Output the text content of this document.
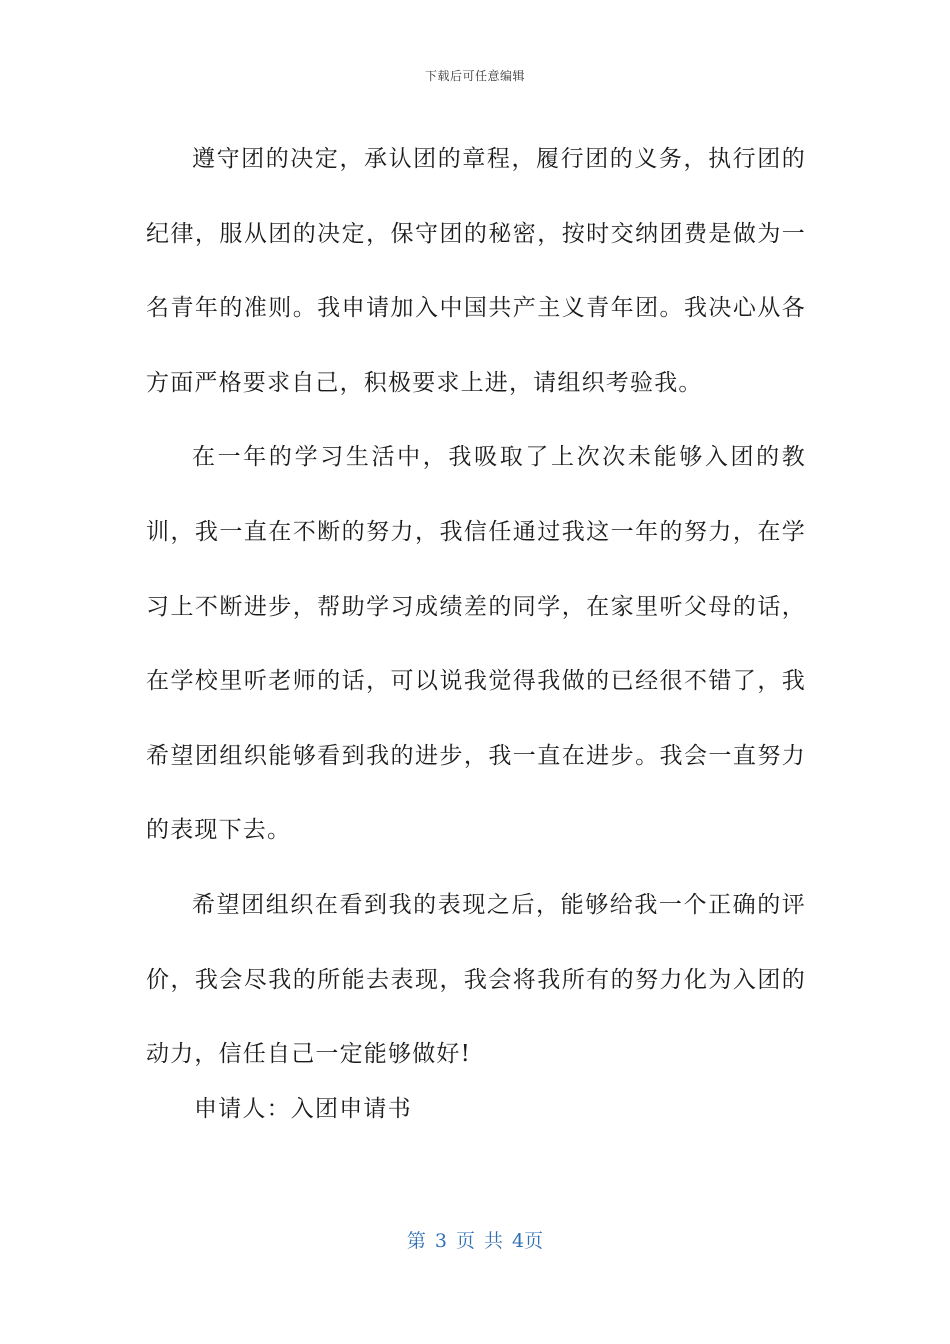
下载后可任意编辑

遵守团的决定，承认团的章程，履行团的义务，执行团的纪律，服从团的决定，保守团的秘密，按时交纳团费是做为一名青年的准则。我申请加入中国共产主义青年团。我决心从各方面严格要求自己，积极要求上进，请组织考验我。

在一年的学习生活中，我吸取了上次次未能够入团的教训，我一直在不断的努力，我信任通过我这一年的努力，在学习上不断进步，帮助学习成绩差的同学，在家里听父母的话，在学校里听老师的话，可以说我觉得我做的已经很不错了，我希望团组织能够看到我的进步，我一直在进步。我会一直努力的表现下去。

希望团组织在看到我的表现之后，能够给我一个正确的评价，我会尽我的所能去表现，我会将我所有的努力化为入团的动力，信任自己一定能够做好!

申请人：入团申请书
第 3 页 共 4页
